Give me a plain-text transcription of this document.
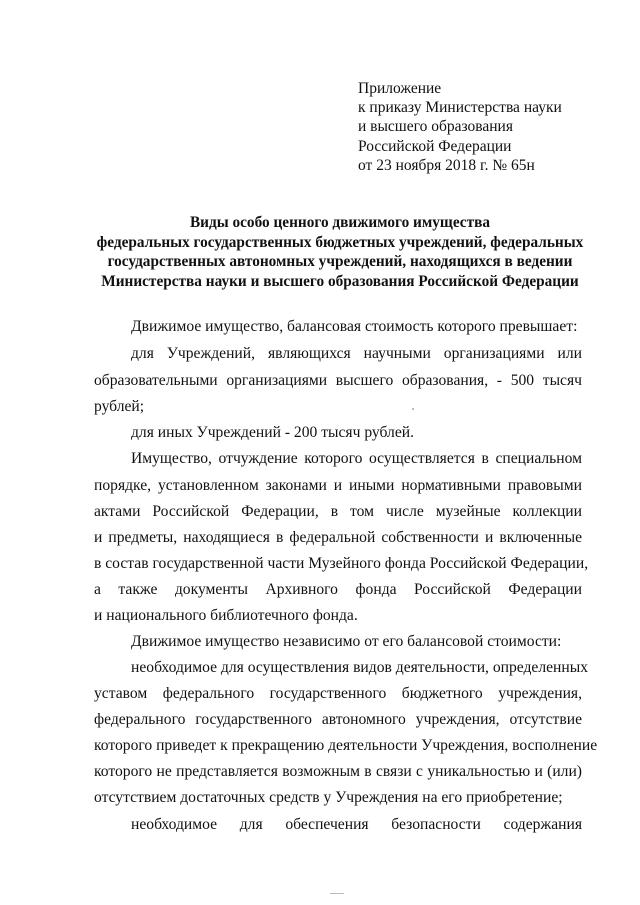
Приложение
к приказу Министерства науки
и высшего образования
Российской Федерации
от 23 ноября 2018 г. № 65н
Виды особо ценного движимого имущества
федеральных государственных бюджетных учреждений, федеральных
государственных автономных учреждений, находящихся в ведении
Министерства науки и высшего образования Российской Федерации
Движимое имущество, балансовая стоимость которого превышает:
для Учреждений, являющихся научными организациями или
образовательными организациями высшего образования, - 500 тысяч
рублей;
для иных Учреждений - 200 тысяч рублей.
Имущество, отчуждение которого осуществляется в специальном
порядке, установленном законами и иными нормативными правовыми
актами Российской Федерации, в том числе музейные коллекции
и предметы, находящиеся в федеральной собственности и включенные
в состав государственной части Музейного фонда Российской Федерации,
а также документы Архивного фонда Российской Федерации
и национального библиотечного фонда.
Движимое имущество независимо от его балансовой стоимости:
необходимое для осуществления видов деятельности, определенных
уставом федерального государственного бюджетного учреждения,
федерального государственного автономного учреждения, отсутствие
которого приведет к прекращению деятельности Учреждения, восполнение
которого не представляется возможным в связи с уникальностью и (или)
отсутствием достаточных средств у Учреждения на его приобретение;
необходимое для обеспечения безопасности содержания
